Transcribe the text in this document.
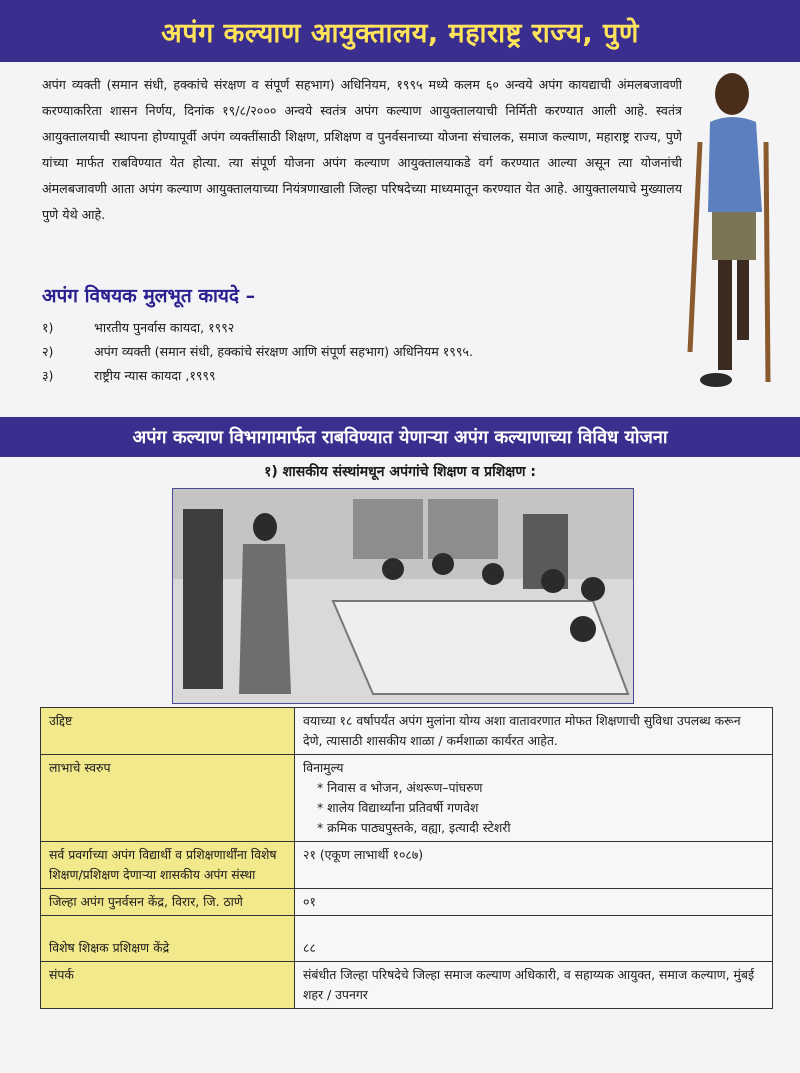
अपंग कल्याण आयुक्तालय, महाराष्ट्र राज्य, पुणे
अपंग व्यक्ती (समान संधी, हक्कांचे संरक्षण व संपूर्ण सहभाग) अधिनियम, १९९५ मध्ये कलम ६० अन्वये अपंग कायद्याची अंमलबजावणी करण्याकरिता शासन निर्णय, दिनांक १९/८/२००० अन्वये स्वतंत्र अपंग कल्याण आयुक्तालयाची निर्मिती करण्यात आली आहे. स्वतंत्र आयुक्तालयाची स्थापना होण्यापूर्वी अपंग व्यक्तींसाठी शिक्षण, प्रशिक्षण व पुनर्वसनाच्या योजना संचालक, समाज कल्याण, महाराष्ट्र राज्य, पुणे यांच्या मार्फत राबविण्यात येत होत्या. त्या संपूर्ण योजना अपंग कल्याण आयुक्तालयाकडे वर्ग करण्यात आल्या असून त्या योजनांची अंमलबजावणी आता अपंग कल्याण आयुक्तालयाच्या नियंत्रणाखाली जिल्हा परिषदेच्या माध्यमातून करण्यात येत आहे. आयुक्तालयाचे मुख्यालय पुणे येथे आहे.
अपंग विषयक मुलभूत कायदे –
१)	भारतीय पुनर्वास कायदा, १९९२
२)	अपंग व्यक्ती (समान संधी, हक्कांचे संरक्षण आणि संपूर्ण सहभाग) अधिनियम १९९५.
३)	राष्ट्रीय न्यास कायदा ,१९९९
अपंग कल्याण विभागामार्फत राबविण्यात येणाऱ्या अपंग कल्याणाच्या विविध योजना
१) शासकीय संस्थांमधून अपंगांचे शिक्षण व प्रशिक्षण :
उद्दिष्ट	वयाच्या १८ वर्षापर्यंत अपंग मुलांना योग्य अशा वातावरणात मोफत शिक्षणाची सुविधा उपलब्ध करून देणे, त्यासाठी शासकीय शाळा / कर्मशाळा कार्यरत आहेत.

लाभाचे स्वरुप	विनामुल्य
* निवास व भोजन, अंथरूण–पांघरुण
* शालेय विद्यार्थ्यांना प्रतिवर्षी गणवेश
* क्रमिक पाठ्यपुस्तके, वह्या, इत्यादी स्टेशरी

सर्व प्रवर्गाच्या अपंग विद्यार्थी व प्रशिक्षणार्थींना विशेष शिक्षण/प्रशिक्षण देणाऱ्या शासकीय अपंग संस्था	२१ (एकूण लाभार्थी १०८७)

जिल्हा अपंग पुनर्वसन केंद्र, विरार, जि. ठाणे	०१

विशेष शिक्षक प्रशिक्षण केंद्रे	८८

संपर्क	संबंधीत जिल्हा परिषदेचे जिल्हा समाज कल्याण अधिकारी, व सहाय्यक आयुक्त, समाज कल्याण, मुंबई शहर / उपनगर
